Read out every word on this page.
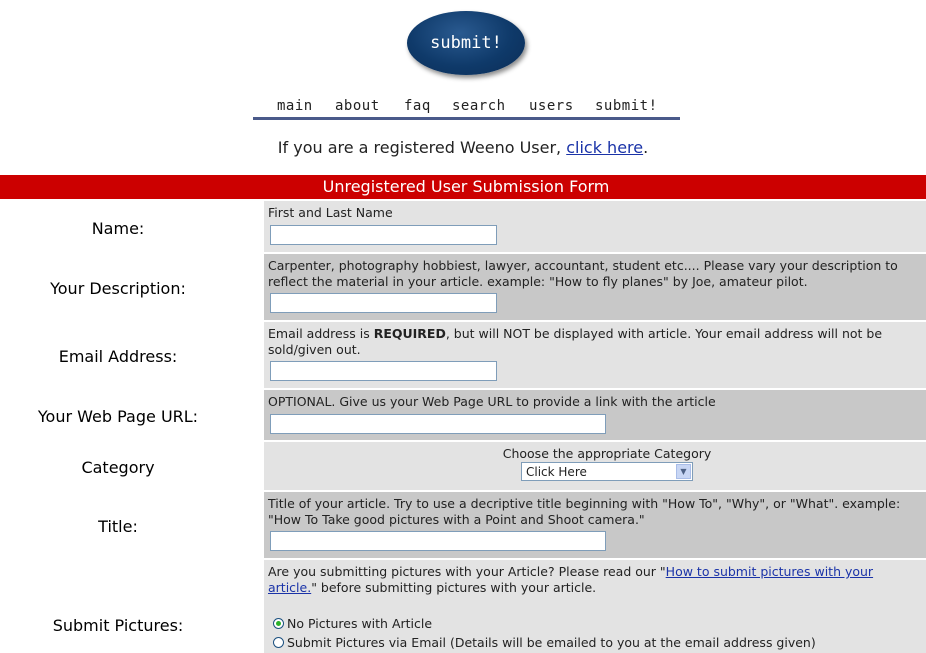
submit!
main about faq search users submit!
If you are a registered Weeno User, click here.
Unregistered User Submission Form
Name:
First and Last Name
Your Description:
Carpenter, photography hobbiest, lawyer, accountant, student etc.... Please vary your description to
reflect the material in your article. example: "How to fly planes" by Joe, amateur pilot.
Email Address:
Email address is REQUIRED, but will NOT be displayed with article. Your email address will not be
sold/given out.
Your Web Page URL:
OPTIONAL. Give us your Web Page URL to provide a link with the article
Category
Choose the appropriate Category
Click Here	▼
Title:
Title of your article. Try to use a decriptive title beginning with "How To", "Why", or "What". example:
"How To Take good pictures with a Point and Shoot camera."
Submit Pictures:
Are you submitting pictures with your Article? Please read our "How to submit pictures with your article." before submitting pictures with your article.
No Pictures with Article
Submit Pictures via Email (Details will be emailed to you at the email address given)
